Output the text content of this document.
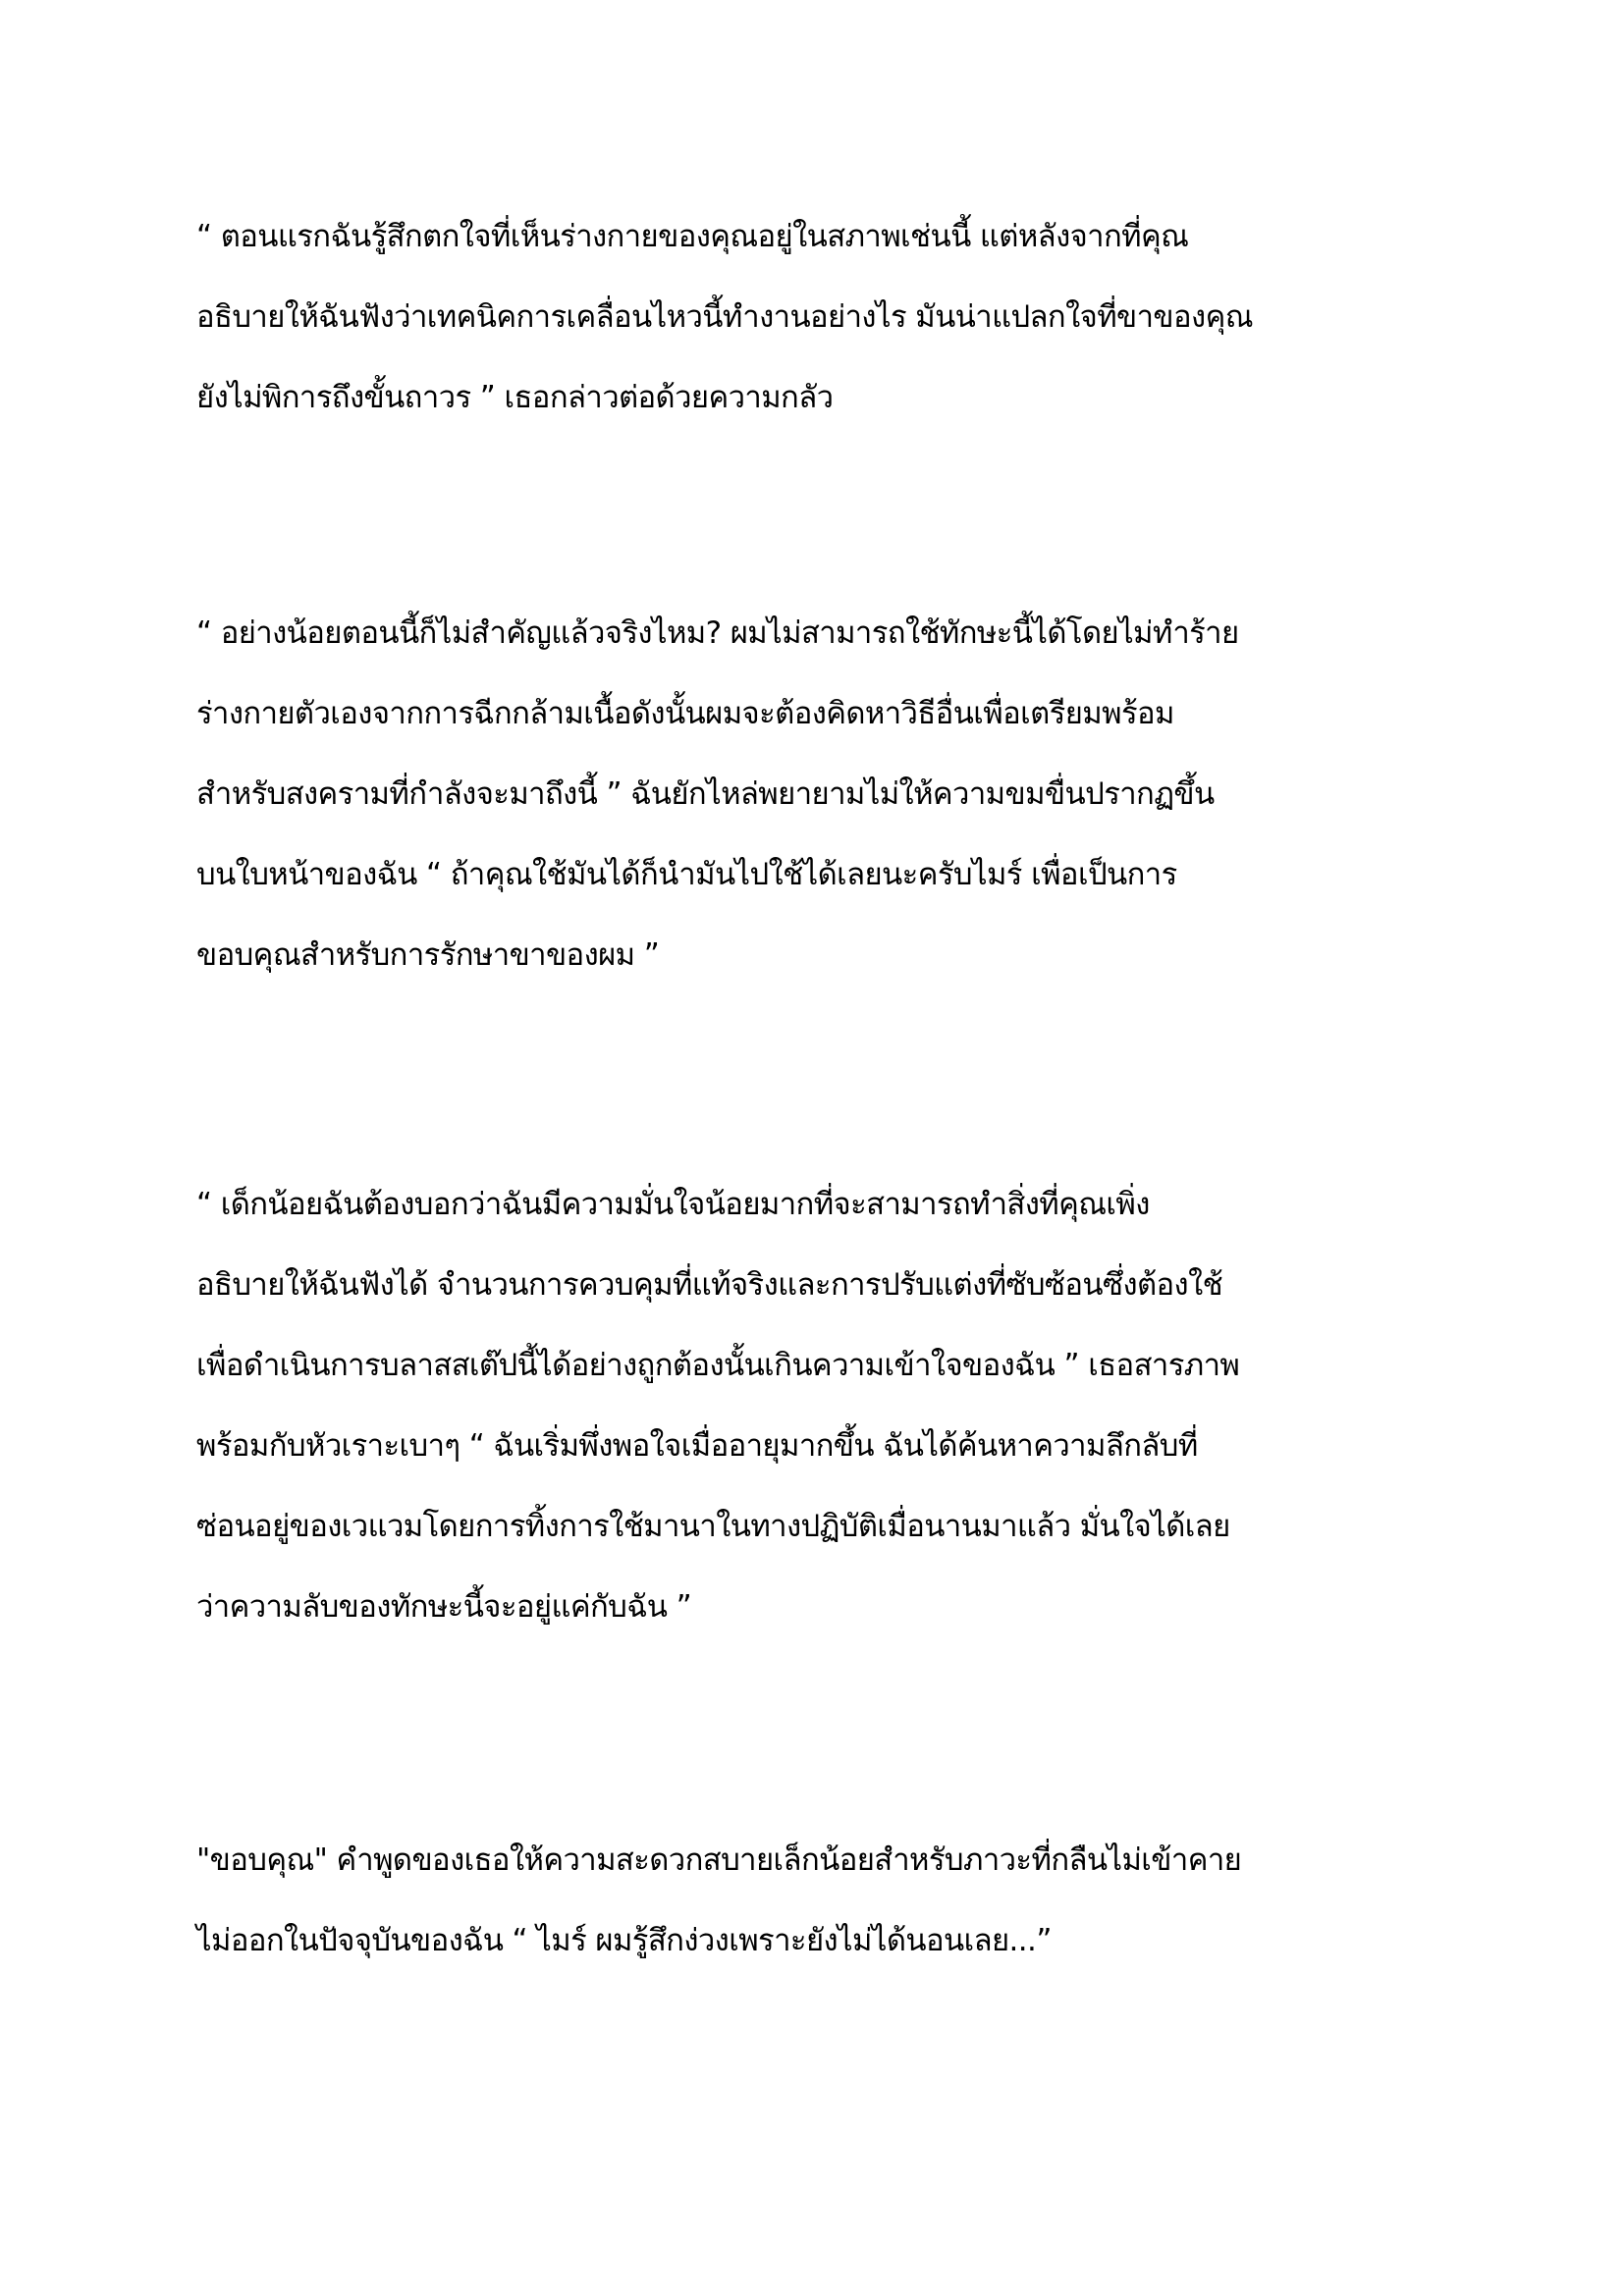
“ ตอนแรกฉันรู้สึกตกใจที่เห็นร่างกายของคุณอยู่ในสภาพเช่นนี้ แต่หลังจากที่คุณ
อธิบายให้ฉันฟังว่าเทคนิคการเคลื่อนไหวนี้ทำงานอย่างไร มันน่าแปลกใจที่ขาของคุณ
ยังไม่พิการถึงขั้นถาวร ” เธอกล่าวต่อด้วยความกลัว
“ อย่างน้อยตอนนี้ก็ไม่สำคัญแล้วจริงไหม? ผมไม่สามารถใช้ทักษะนี้ได้โดยไม่ทำร้าย
ร่างกายตัวเองจากการฉีกกล้ามเนื้อดังนั้นผมจะต้องคิดหาวิธีอื่นเพื่อเตรียมพร้อม
สำหรับสงครามที่กำลังจะมาถึงนี้ ” ฉันยักไหล่พยายามไม่ให้ความขมขื่นปรากฏขึ้น
บนใบหน้าของฉัน “ ถ้าคุณใช้มันได้ก็นำมันไปใช้ได้เลยนะครับไมร์ เพื่อเป็นการ
ขอบคุณสำหรับการรักษาขาของผม ”
“ เด็กน้อยฉันต้องบอกว่าฉันมีความมั่นใจน้อยมากที่จะสามารถทำสิ่งที่คุณเพิ่ง
อธิบายให้ฉันฟังได้ จำนวนการควบคุมที่แท้จริงและการปรับแต่งที่ซับซ้อนซึ่งต้องใช้
เพื่อดำเนินการบลาสสเต๊ปนี้ได้อย่างถูกต้องนั้นเกินความเข้าใจของฉัน ” เธอสารภาพ
พร้อมกับหัวเราะเบาๆ “ ฉันเริ่มพึ่งพอใจเมื่ออายุมากขึ้น ฉันได้ค้นหาความลึกลับที่
ซ่อนอยู่ของเวแวมโดยการทิ้งการใช้มานาในทางปฏิบัติเมื่อนานมาแล้ว มั่นใจได้เลย
ว่าความลับของทักษะนี้จะอยู่แค่กับฉัน ”
"ขอบคุณ" คำพูดของเธอให้ความสะดวกสบายเล็กน้อยสำหรับภาวะที่กลืนไม่เข้าคาย
ไม่ออกในปัจจุบันของฉัน “ ไมร์ ผมรู้สึกง่วงเพราะยังไม่ได้นอนเลย...”
